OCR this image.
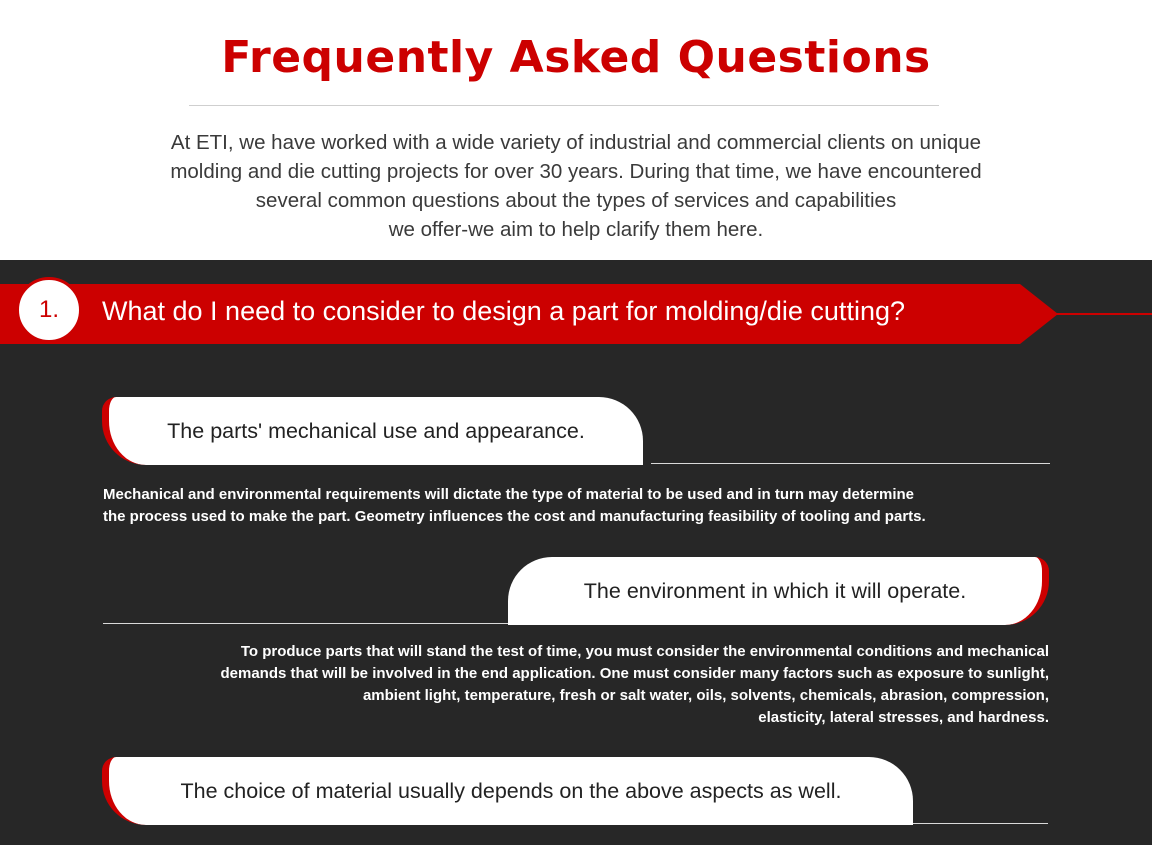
Frequently Asked Questions
At ETI, we have worked with a wide variety of industrial and commercial clients on unique
molding and die cutting projects for over 30 years. During that time, we have encountered
several common questions about the types of services and capabilities
we offer-we aim to help clarify them here.
1.	What do I need to consider to design a part for molding/die cutting?
The parts' mechanical use and appearance.
Mechanical and environmental requirements will dictate the type of material to be used and in turn may determine
the process used to make the part. Geometry influences the cost and manufacturing feasibility of tooling and parts.
The environment in which it will operate.
To produce parts that will stand the test of time, you must consider the environmental conditions and mechanical
demands that will be involved in the end application. One must consider many factors such as exposure to sunlight,
ambient light, temperature, fresh or salt water, oils, solvents, chemicals, abrasion, compression,
elasticity, lateral stresses, and hardness.
The choice of material usually depends on the above aspects as well.
